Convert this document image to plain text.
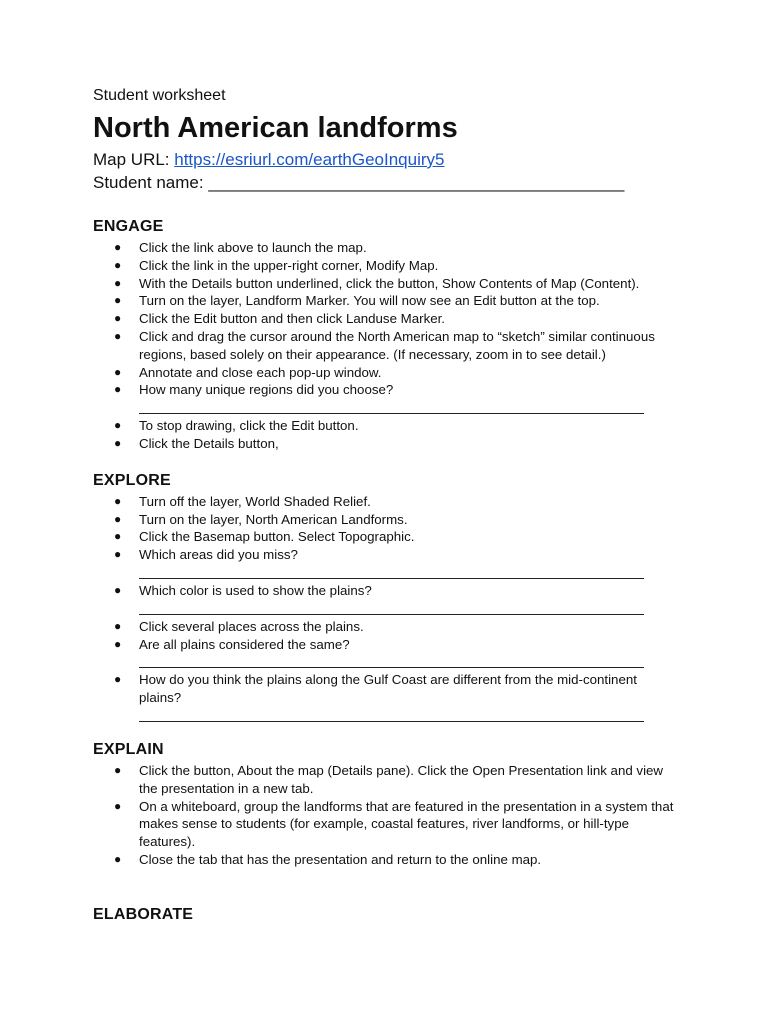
Student worksheet

North American landforms

Map URL: https://esriurl.com/earthGeoInquiry5

Student name: ____________________________________________

ENGAGE
● Click the link above to launch the map.
● Click the link in the upper-right corner, Modify Map.
● With the Details button underlined, click the button, Show Contents of Map (Content).
● Turn on the layer, Landform Marker. You will now see an Edit button at the top.
● Click the Edit button and then click Landuse Marker.
● Click and drag the cursor around the North American map to “sketch” similar continuous regions, based solely on their appearance. (If necessary, zoom in to see detail.)
● Annotate and close each pop-up window.
● How many unique regions did you choose?
● To stop drawing, click the Edit button.
● Click the Details button,
EXPLORE
● Turn off the layer, World Shaded Relief.
● Turn on the layer, North American Landforms.
● Click the Basemap button. Select Topographic.
● Which areas did you miss?
● Which color is used to show the plains?
● Click several places across the plains.
● Are all plains considered the same?
● How do you think the plains along the Gulf Coast are different from the mid-continent plains?
EXPLAIN
● Click the button, About the map (Details pane). Click the Open Presentation link and view the presentation in a new tab.
● On a whiteboard, group the landforms that are featured in the presentation in a system that makes sense to students (for example, coastal features, river landforms, or hill-type features).
● Close the tab that has the presentation and return to the online map.
ELABORATE
